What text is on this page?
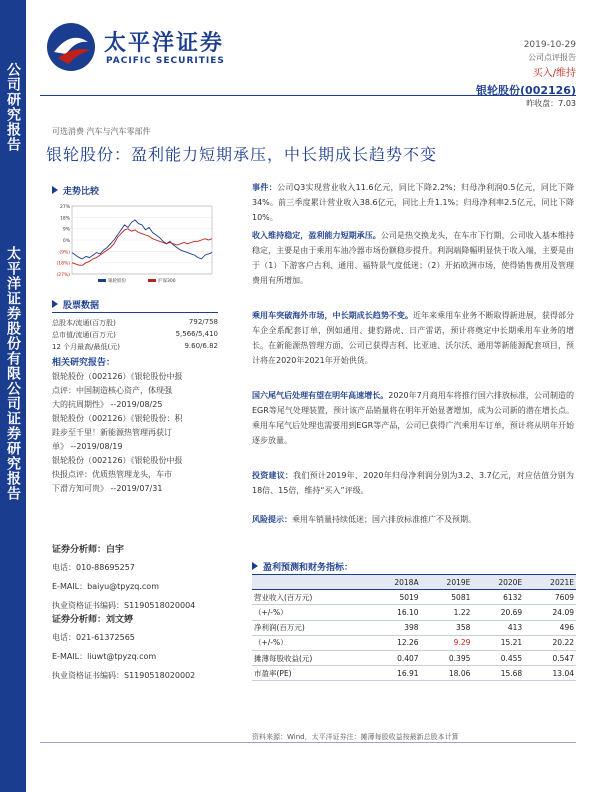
公司研究报告
太平洋证券股份有限公司证券研究报告
太平洋证券
PACIFIC SECURITIES
2019-10-29
公司点评报告
买入/维持
银轮股份(002126)
昨收盘：7.03
可选消费 汽车与汽车零部件
银轮股份：盈利能力短期承压，中长期成长趋势不变
走势比较
27%
18%
9%
0%
(9%)
(18%)
(27%)
银轮股份	沪深300
股票数据
总股本/流通(百万股)	792/758
总市值/流通(百万元)	5,566/5,410
12 个月最高/最低(元)	9.60/6.82
相关研究报告：
银轮股份（002126）《银轮股份中报
点评：中国制造核心资产，体现强
大的抗周期性》 --2019/08/25
银轮股份（002126）《银轮股份：积
跬步至千里！新能源热管理再获订
单》 --2019/08/19
银轮股份（002126）《银轮股份中报
快报点评：优质热管理龙头，车市
下滑方知可贵》 --2019/07/31
证券分析师：白宇
电话：010-88695257
E-MAIL：baiyu@tpyzq.com
执业资格证书编码：S1190518020004
证券分析师：刘文婷
电话：021-61372565
E-MAIL：liuwt@tpyzq.com
执业资格证书编码：S1190518020002
事件：公司Q3实现营业收入11.6亿元，同比下降2.2%；归母净利润0.5亿元，同比下降34%。前三季度累计营业收入38.6亿元，同比上升1.1%；归母净利率2.5亿元，同比下降10%。
收入维持稳定，盈利能力短期承压。公司是热交换龙头，在车市下行期，公司收入基本维持稳定，主要是由于乘用车油冷器市场份额稳步提升。利润端降幅明显快于收入端，主要是由于（1）下游客户古利、通用、福特景气度低迷；（2）开拓欧洲市场，使得销售费用及管理费用有所增加。
乘用车突破海外市场，中长期成长趋势不变。近年来乘用车业务不断取得新进展，获得部分车企全系配套订单，例如通用、捷豹路虎、日产雷诺，预计将奠定中长期乘用车业务的增长。在新能源热管理方面，公司已获得吉利、比亚迪、沃尔沃、通用等新能源配套项目，预计将在2020年2021年开始供货。
国六尾气后处理有望在明年高速增长。2020年7月商用车将推行国六排放标准，公司制造的EGR等尾气处理装置，预计该产品销量将在明年开始显著增加，成为公司新的潜在增长点。乘用车尾气后处理也需要用到EGR等产品，公司已获得广汽乘用车订单，预计将从明年开始逐步放量。
投资建议：我们预计2019年、2020年归母净利润分别为3.2、3.7亿元，对应估值分别为18倍、15倍，维持“买入”评级。
风险提示：乘用车销量持续低迷；国六排放标准推广不及预期。
盈利预测和财务指标：
	2018A	2019E	2020E	2021E
营业收入(百万元)	5019	5081	6132	7609
（+/-%）	16.10	1.22	20.69	24.09
净利润(百万元)	398	358	413	496
（+/-%）	12.26	9.29	15.21	20.22
摊薄每股收益(元)	0.407	0.395	0.455	0.547
市盈率(PE)	16.91	18.06	15.68	13.04
资料来源：Wind，太平洋证券注：摊薄每股收益按最新总股本计算
